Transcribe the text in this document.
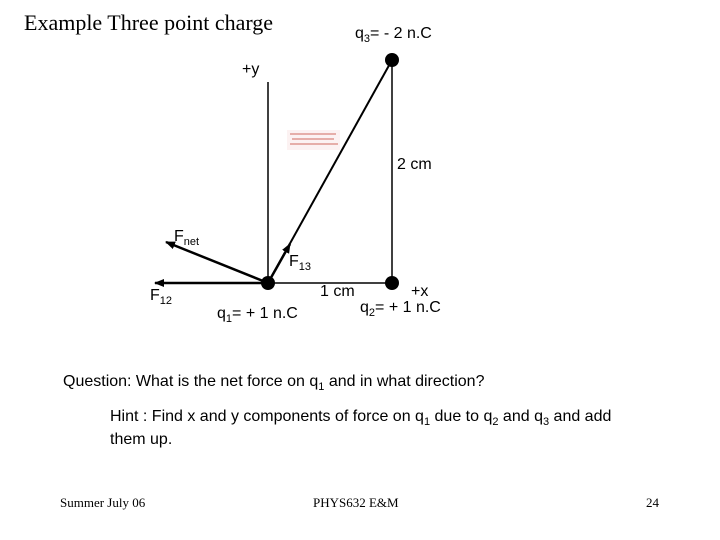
Example Three point charge	$q_3= - 2$ n.C
+y
2 cm
$F_{net}$
$F_{13}$
$F_{12}$
1 cm	+x
$q_1= + 1$ n.C	$q_2= + 1$ n.C
Question: What is the net force on $q_1$ and in what direction?
Hint : Find x and y components of force on $q_1$ due to $q_2$ and $q_3$ and add
them up.
Summer July 06	PHYS632 E&M	24
